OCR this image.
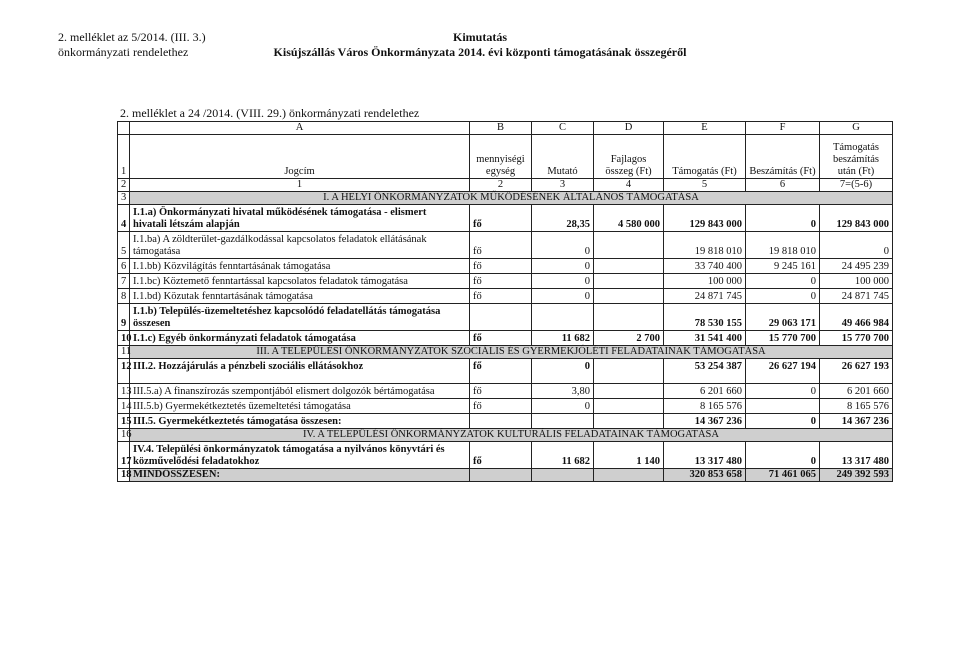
2. melléklet az 5/2014. (III. 3.)
önkormányzati rendelethez
Kimutatás
Kisújszállás Város Önkormányzata 2014. évi központi támogatásának összegéről
2. melléklet a 24 /2014. (VIII. 29.) önkormányzati rendelethez
	A	B	C	D	E	F	G
1	Jogcím	mennyiségi egység	Mutató	Fajlagos összeg (Ft)	Támogatás (Ft)	Beszámítás (Ft)	Támogatás beszámítás után (Ft)
2	1	2	3	4	5	6	7=(5-6)
3	I. A HELYI ÖNKORMÁNYZATOK MŰKÖDÉSÉNEK ÁLTALÁNOS TÁMOGATÁSA						
4	I.1.a) Önkormányzati hivatal működésének támogatása - elismert
hivatali létszám alapján	fő	28,35	4 580 000	129 843 000	0	129 843 000
5	I.1.ba) A zöldterület-gazdálkodással kapcsolatos feladatok ellátásának
támogatása	fő	0		19 818 010	19 818 010	0
6	I.1.bb) Közvilágítás fenntartásának támogatása	fő	0		33 740 400	9 245 161	24 495 239
7	I.1.bc) Köztemető fenntartással kapcsolatos feladatok támogatása	fő	0		100 000	0	100 000
8	I.1.bd) Közutak fenntartásának támogatása	fő	0		24 871 745	0	24 871 745
9	I.1.b) Település-üzemeltetéshez kapcsolódó feladatellátás támogatása
összesen				78 530 155	29 063 171	49 466 984
10	I.1.c) Egyéb önkormányzati feladatok támogatása	fő	11 682	2 700	31 541 400	15 770 700	15 770 700
11	III. A TELEPÜLÉSI ÖNKORMÁNYZATOK SZOCIÁLIS ÉS GYERMEKJÓLÉTI FELADATAINAK TÁMOGATÁSA						
12	III.2. Hozzájárulás a pénzbeli szociális ellátásokhoz	fő	0		53 254 387	26 627 194	26 627 193

13	III.5.a) A finanszírozás szempontjából elismert dolgozók bértámogatása	fő	3,80		6 201 660	0	6 201 660
14	III.5.b) Gyermekétkeztetés üzemeltetési támogatása	fő	0		8 165 576		8 165 576
15	III.5. Gyermekétkeztetés támogatása összesen:				14 367 236	0	14 367 236
16	IV. A TELEPÜLÉSI ÖNKORMÁNYZATOK KULTURÁLIS FELADATAINAK TÁMOGATÁSA						
17	IV.4. Települési önkormányzatok támogatása a nyilvános könyvtári és
közművelődési feladatokhoz	fő	11 682	1 140	13 317 480	0	13 317 480
18	MINDÖSSZESEN:				320 853 658	71 461 065	249 392 593
